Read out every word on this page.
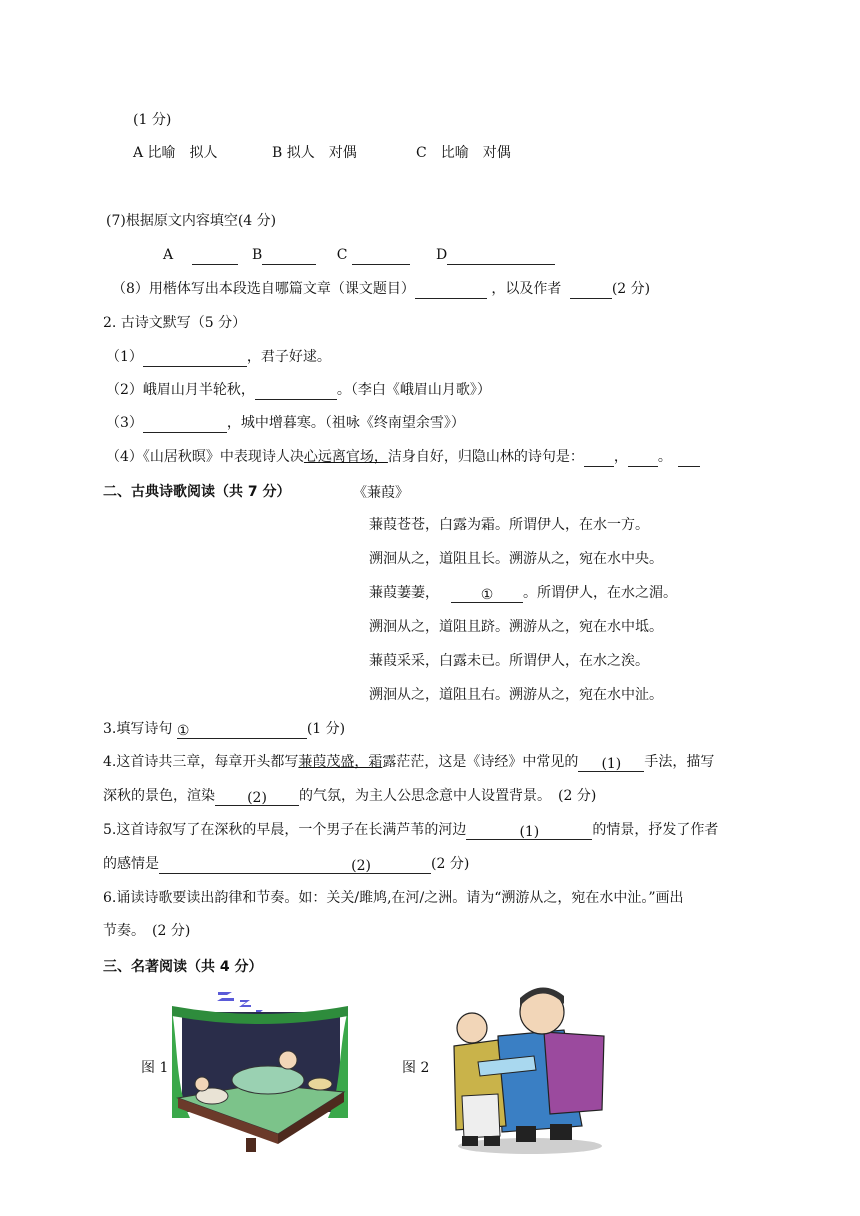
(1 分)
A 比喻　拟人	B 拟人　对偶	C　比喻　对偶
(7)根据原文内容填空(4 分)
A	B	C	D
（8）用楷体写出本段选自哪篇文章（课文题目）	，以及作者	(2 分)
2. 古诗文默写（5 分）
（1）	，君子好逑。
（2）峨眉山月半轮秋，	。（李白《峨眉山月歌》）
（3）	，城中增暮寒。（祖咏《终南望余雪》）
（4）《山居秋暝》中表现诗人决心远离官场，洁身自好，归隐山林的诗句是： ， 。
二、古典诗歌阅读（共 7 分）	《蒹葭》
蒹葭苍苍，白露为霜。所谓伊人，在水一方。
溯洄从之，道阻且长。溯游从之，宛在水中央。
蒹葭萋萋，	① 。所谓伊人，在水之湄。
溯洄从之，道阻且跻。溯游从之，宛在水中坻。
蒹葭采采，白露未已。所谓伊人，在水之涘。
溯洄从之，道阻且右。溯游从之，宛在水中沚。
3.填写诗句 ①	(1 分)
4.这首诗共三章，每章开头都写蒹葭茂盛，霜露茫茫，这是《诗经》中常见的 (1) 手法，描写
深秋的景色，渲染 (2) 的气氛，为主人公思念意中人设置背景。　(2 分)
5.这首诗叙写了在深秋的早晨，一个男子在长满芦苇的河边	(1)	的情景，抒发了作者
的感情是	(2)	(2 分)
6.诵读诗歌要读出韵律和节奏。如：关关/雎鸠,在河/之洲。请为“溯游从之，宛在水中沚。”画出
节奏。　(2 分)
三、名著阅读（共 4 分）
图 1	图 2
